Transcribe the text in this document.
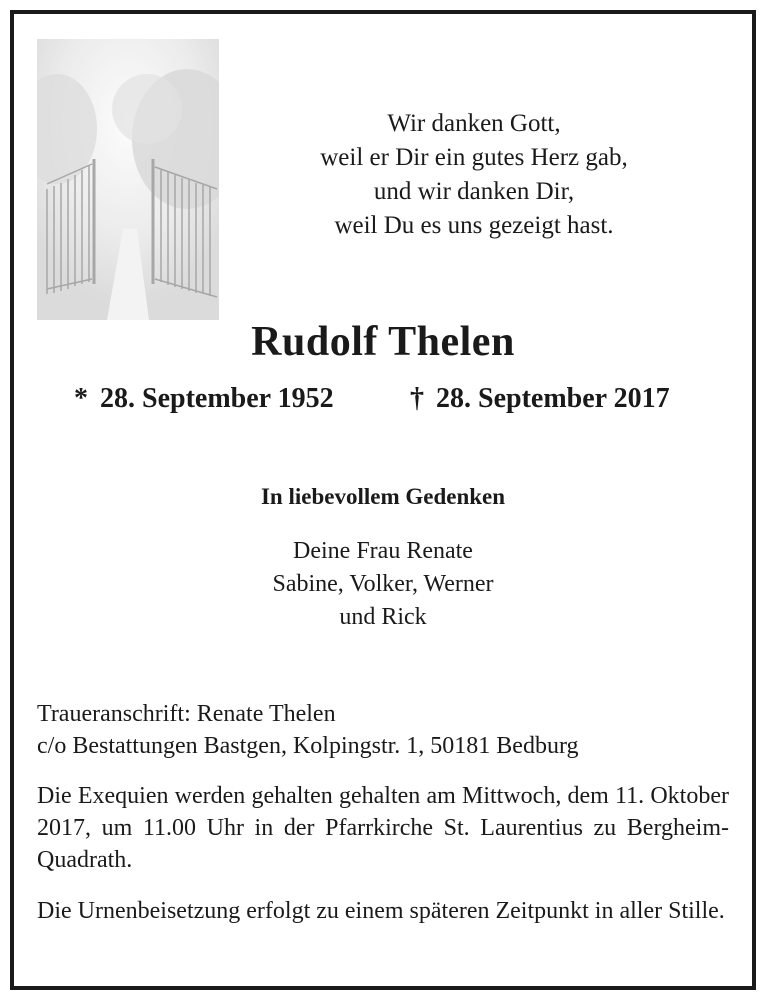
Wir danken Gott,
weil er Dir ein gutes Herz gab,
und wir danken Dir,
weil Du es uns gezeigt hast.
Rudolf Thelen
* 28. September 1952	† 28. September 2017
In liebevollem Gedenken
Deine Frau Renate
Sabine, Volker, Werner
und Rick
Traueranschrift: Renate Thelen
c/o Bestattungen Bastgen, Kolpingstr. 1, 50181 Bedburg
Die Exequien werden gehalten gehalten am Mittwoch, dem 11. Oktober 2017, um 11.00 Uhr in der Pfarrkirche St. Laurentius zu Bergheim-Quadrath.
Die Urnenbeisetzung erfolgt zu einem späteren Zeitpunkt in aller Stille.
